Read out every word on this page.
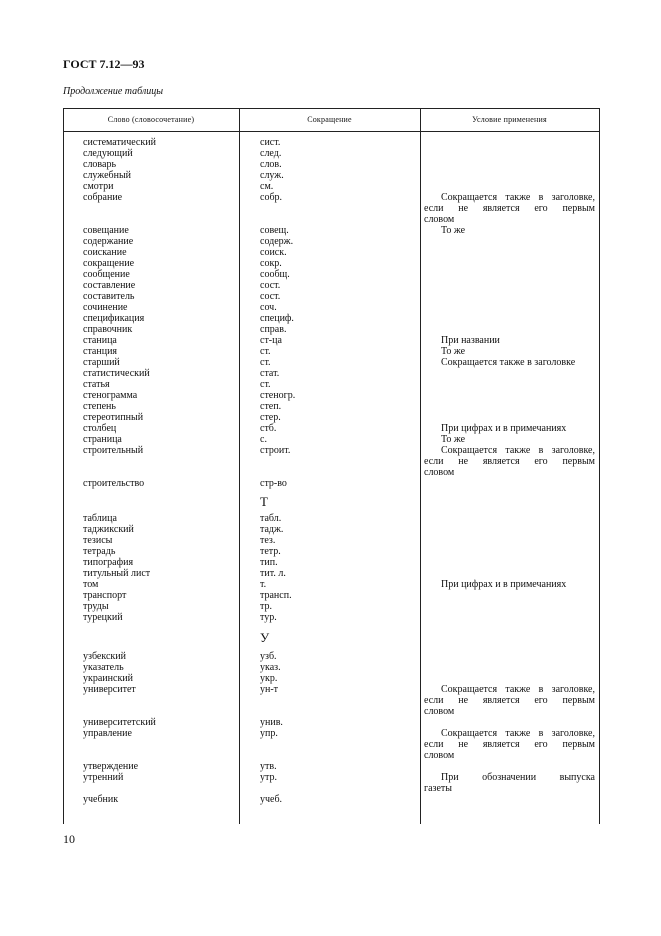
ГОСТ 7.12—93
Продолжение таблицы
Слово (словосочетание)	Сокращение	Условие применения
систематический	сист.
следующий	след.
словарь	слов.
служебный	служ.
смотри	см.
собрание	собр.	Сокращается также в заголовке,
если не является его первым
словом
совещание	совещ.	То же
содержание	содерж.
соискание	соиск.
сокращение	сокр.
сообщение	сообщ.
составление	сост.
составитель	сост.
сочинение	соч.
спецификация	специф.
справочник	справ.
станица	ст-ца	При названии
станция	ст.	То же
старший	ст.	Сокращается также в заголовке
статистический	стат.
статья	ст.
стенограмма	стеногр.
степень	степ.
стереотипный	стер.
столбец	стб.	При цифрах и в примечаниях
страница	с.	То же
строительный	строит.	Сокращается также в заголовке,
если не является его первым
словом
строительство	стр-во
Т
таблица	табл.
таджикский	тадж.
тезисы	тез.
тетрадь	тетр.
типография	тип.
титульный лист	тит. л.
том	т.	При цифрах и в примечаниях
транспорт	трансп.
труды	тр.
турецкий	тур.
У
узбекский	узб.
указатель	указ.
украинский	укр.
университет	ун-т	Сокращается также в заголовке,
если не является его первым
словом
университетский	унив.
управление	упр.	Сокращается также в заголовке,
если не является его первым
словом
утверждение	утв.
утренний	утр.	При обозначении выпуска
газеты
учебник	учеб.
10
